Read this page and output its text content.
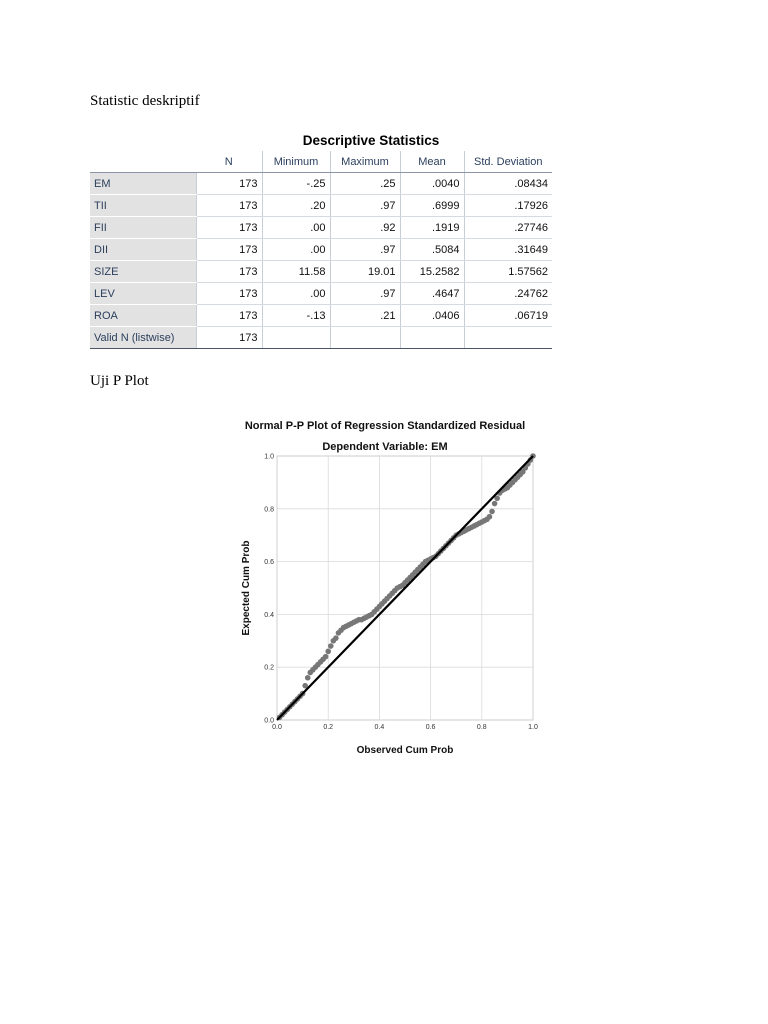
Statistic deskriptif
Descriptive Statistics
	N	Minimum	Maximum	Mean	Std. Deviation
EM	173	-.25	.25	.0040	.08434
TII	173	.20	.97	.6999	.17926
FII	173	.00	.92	.1919	.27746
DII	173	.00	.97	.5084	.31649
SIZE	173	11.58	19.01	15.2582	1.57562
LEV	173	.00	.97	.4647	.24762
ROA	173	-.13	.21	.0406	.06719
Valid N (listwise)	173				
Uji P Plot
Normal P-P Plot of Regression Standardized Residual
Dependent Variable: EM
0.0	0.2	0.4	0.6	0.8	1.0
0.0
0.2
0.4
0.6
0.8
1.0
Observed Cum Prob
Expected Cum Prob
